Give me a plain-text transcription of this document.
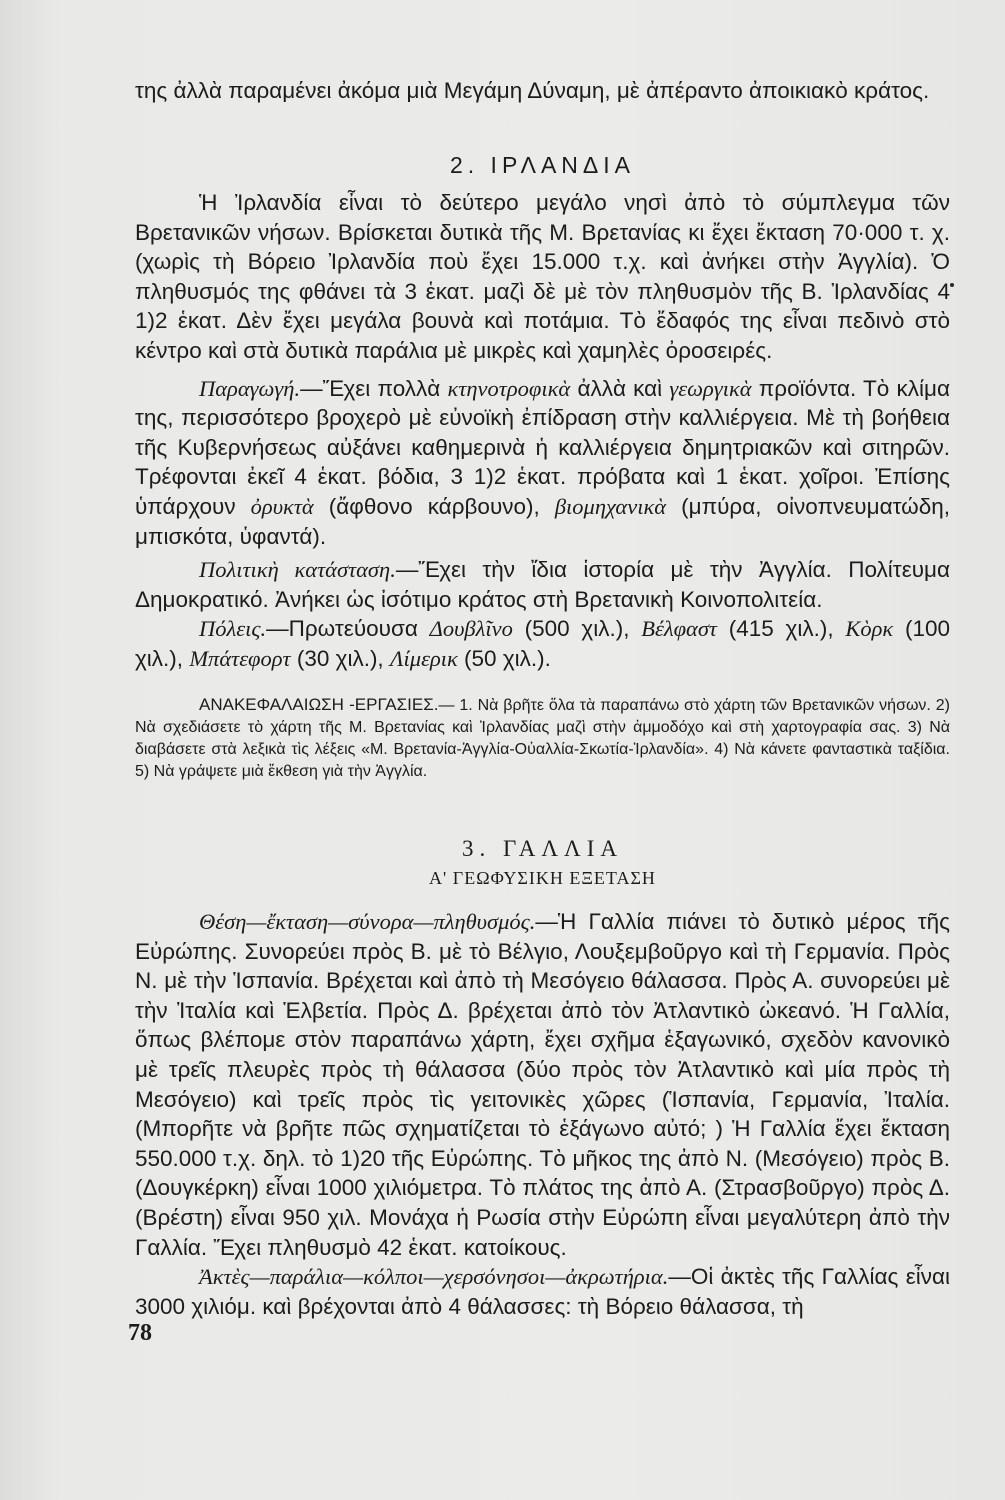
της ἀλλὰ παραμένει ἀκόμα μιὰ Μεγάμη Δύναμη, μὲ ἀπέραντο ἀποικιακὸ κράτος.

2. ΙΡΛΑΝΔΙΑ

Ἡ Ἰρλανδία εἶναι τὸ δεύτερο μεγάλο νησὶ ἀπὸ τὸ σύμπλεγμα τῶν Βρετανικῶν νήσων. Βρίσκεται δυτικὰ τῆς Μ. Βρετανίας κι ἔχει ἔκταση 70·000 τ. χ. (χωρὶς τὴ Βόρειο Ἰρλανδία ποὺ ἔχει 15.000 τ.χ. καὶ ἀνήκει στὴν Ἀγγλία). Ὁ πληθυσμός της φθάνει τὰ 3 ἑκατ. μαζὶ δὲ μὲ τὸν πληθυσμὸν τῆς Β. Ἰρλανδίας 4 1)2 ἑκατ. Δὲν ἔχει μεγάλα βουνὰ καὶ ποτάμια. Τὸ ἔδαφός της εἶναι πεδινὸ στὸ κέντρο καὶ στὰ δυτικὰ παράλια μὲ μικρὲς καὶ χαμηλὲς ὀροσειρές.

Παραγωγή.—Ἔχει πολλὰ κτηνοτροφικὰ ἀλλὰ καὶ γεωργικὰ προϊόντα. Τὸ κλίμα της, περισσότερο βροχερὸ μὲ εὐνοϊκὴ ἐπίδραση στὴν καλλιέργεια. Μὲ τὴ βοήθεια τῆς Κυβερνήσεως αὐξάνει καθημερινὰ ἡ καλλιέργεια δημητριακῶν καὶ σιτηρῶν. Τρέφονται ἐκεῖ 4 ἑκατ. βόδια, 3 1)2 ἑκατ. πρόβατα καὶ 1 ἑκατ. χοῖροι. Ἐπίσης ὑπάρχουν ὀρυκτὰ (ἄφθονο κάρβουνο), βιομηχανικὰ (μπύρα, οἰνοπνευματώδη, μπισκότα, ὑφαντά).

Πολιτικὴ κατάσταση.—Ἔχει τὴν ἴδια ἱστορία μὲ τὴν Ἀγγλία. Πολίτευμα Δημοκρατικό. Ἀνήκει ὡς ἰσότιμο κράτος στὴ Βρετανικὴ Κοινοπολιτεία.

Πόλεις.—Πρωτεύουσα Δουβλῖνο (500 χιλ.), Βέλφαστ (415 χιλ.), Κὸρκ (100 χιλ.), Μπάτεφορτ (30 χιλ.), Λίμερικ (50 χιλ.).

ΑΝΑΚΕΦΑΛΑΙΩΣΗ -ΕΡΓΑΣΙΕΣ.— 1. Νὰ βρῆτε ὅλα τὰ παραπάνω στὸ χάρτη τῶν Βρετανικῶν νήσων. 2) Νὰ σχεδιάσετε τὸ χάρτη τῆς Μ. Βρετανίας καὶ Ἰρλανδίας μαζὶ στὴν ἀμμοδόχο καὶ στὴ χαρτογραφία σας. 3) Νὰ διαβάσετε στὰ λεξικὰ τὶς λέξεις «Μ. Βρετανία-Ἀγγλία-Οὐαλλία-Σκωτία-Ἰρλανδία». 4) Νὰ κάνετε φανταστικὰ ταξίδια. 5) Νὰ γράψετε μιὰ ἔκθεση γιὰ τὴν Ἀγγλία.

3. ΓΑΛΛΙΑ

Α' ΓΕΩΦΥΣΙΚΗ ΕΞΕΤΑΣΗ

Θέση—ἔκταση—σύνορα—πληθυσμός.—Ἡ Γαλλία πιάνει τὸ δυτικὸ μέρος τῆς Εὐρώπης. Συνορεύει πρὸς Β. μὲ τὸ Βέλγιο, Λουξεμβοῦργο καὶ τὴ Γερμανία. Πρὸς Ν. μὲ τὴν Ἱσπανία. Βρέχεται καὶ ἀπὸ τὴ Μεσόγειο θάλασσα. Πρὸς Α. συνορεύει μὲ τὴν Ἰταλία καὶ Ἑλβετία. Πρὸς Δ. βρέχεται ἀπὸ τὸν Ἀτλαντικὸ ὠκεανό. Ἡ Γαλλία, ὅπως βλέπομε στὸν παραπάνω χάρτη, ἔχει σχῆμα ἑξαγωνικό, σχεδὸν κανονικὸ μὲ τρεῖς πλευρὲς πρὸς τὴ θάλασσα (δύο πρὸς τὸν Ἀτλαντικὸ καὶ μία πρὸς τὴ Μεσόγειο) καὶ τρεῖς πρὸς τὶς γειτονικὲς χῶρες (Ἱσπανία, Γερμανία, Ἰταλία. (Μπορῆτε νὰ βρῆτε πῶς σχηματίζεται τὸ ἑξάγωνο αὐτό; ) Ἡ Γαλλία ἔχει ἔκταση 550.000 τ.χ. δηλ. τὸ 1)20 τῆς Εὐρώπης. Τὸ μῆκος της ἀπὸ Ν. (Μεσόγειο) πρὸς Β. (Δουγκέρκη) εἶναι 1000 χιλιόμετρα. Τὸ πλάτος της ἀπὸ Α. (Στρασβοῦργο) πρὸς Δ. (Βρέστη) εἶναι 950 χιλ. Μονάχα ἡ Ρωσία στὴν Εὐρώπη εἶναι μεγαλύτερη ἀπὸ τὴν Γαλλία. Ἔχει πληθυσμὸ 42 ἑκατ. κατοίκους.

Ἀκτὲς—παράλια—κόλποι—χερσόνησοι—ἀκρωτήρια.—Οἱ ἀκτὲς τῆς Γαλλίας εἶναι 3000 χιλιόμ. καὶ βρέχονται ἀπὸ 4 θάλασσες: τὴ Βόρειο θάλασσα, τὴ

78
